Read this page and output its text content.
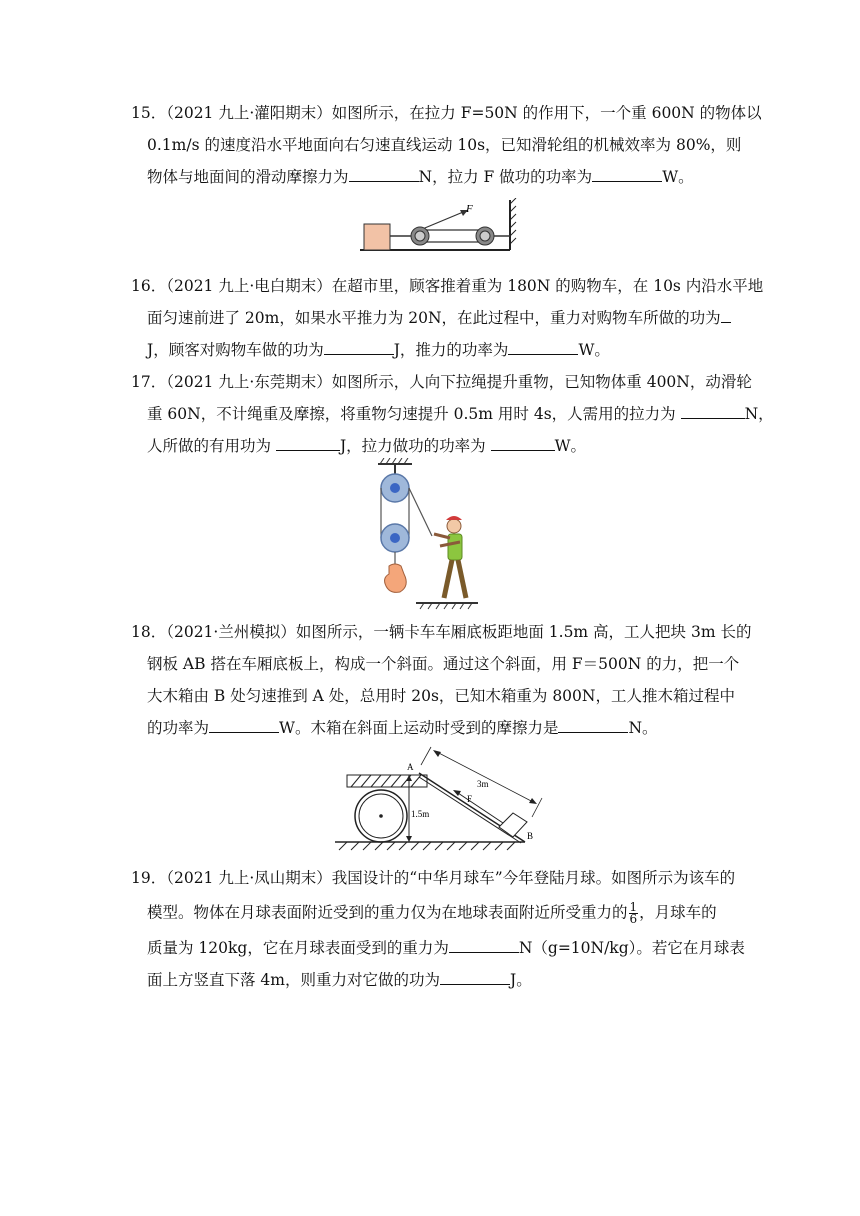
15．（2021 九上·灌阳期末）如图所示，在拉力 F=50N 的作用下，一个重 600N 的物体以
0.1m/s 的速度沿水平地面向右匀速直线运动 10s，已知滑轮组的机械效率为 80%，则
物体与地面间的滑动摩擦力为	N，拉力 F 做功的功率为	W。
F
16．（2021 九上·电白期末）在超市里，顾客推着重为 180N 的购物车，在 10s 内沿水平地
面匀速前进了 20m，如果水平推力为 20N，在此过程中，重力对购物车所做的功为
J，顾客对购物车做的功为	J，推力的功率为	W。
17．（2021 九上·东莞期末）如图所示，人向下拉绳提升重物，已知物体重 400N，动滑轮
重 60N，不计绳重及摩擦，将重物匀速提升 0.5m 用时 4s，人需用的拉力为	N，
人所做的有用功为	J，拉力做功的功率为	W。
18．（2021·兰州模拟）如图所示，一辆卡车车厢底板距地面 1.5m 高，工人把块 3m 长的
钢板 AB 搭在车厢底板上，构成一个斜面。通过这个斜面，用 F＝500N 的力，把一个
大木箱由 B 处匀速推到 A 处，总用时 20s，已知木箱重为 800N，工人推木箱过程中
的功率为	W。木箱在斜面上运动时受到的摩擦力是	N。
1.5m
F
3m
A
B
19．（2021 九上·凤山期末）我国设计的“中华月球车”今年登陆月球。如图所示为该车的
模型。物体在月球表面附近受到的重力仅为在地球表面附近所受重力的 $\frac{1}{6}$ ，月球车的
质量为 120kg，它在月球表面受到的重力为	N（g=10N/kg）。若它在月球表
面上方竖直下落 4m，则重力对它做的功为	J。
